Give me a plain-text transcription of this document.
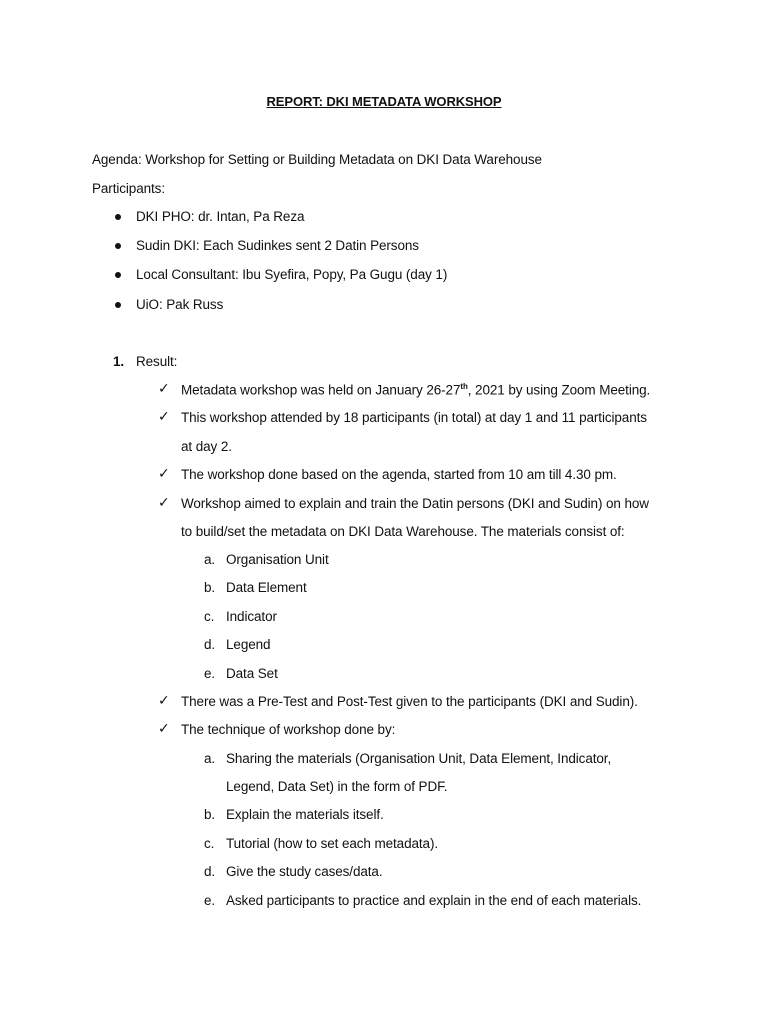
REPORT: DKI METADATA WORKSHOP
Agenda: Workshop for Setting or Building Metadata on DKI Data Warehouse
Participants:
DKI PHO: dr. Intan, Pa Reza
Sudin DKI: Each Sudinkes sent 2 Datin Persons
Local Consultant: Ibu Syefira, Popy, Pa Gugu (day 1)
UiO: Pak Russ
1. Result:
✓ Metadata workshop was held on January 26-27th, 2021 by using Zoom Meeting.
✓ This workshop attended by 18 participants (in total) at day 1 and 11 participants
at day 2.
✓ The workshop done based on the agenda, started from 10 am till 4.30 pm.
✓ Workshop aimed to explain and train the Datin persons (DKI and Sudin) on how
to build/set the metadata on DKI Data Warehouse. The materials consist of:
a. Organisation Unit
b. Data Element
c. Indicator
d. Legend
e. Data Set
✓ There was a Pre-Test and Post-Test given to the participants (DKI and Sudin).
✓ The technique of workshop done by:
a. Sharing the materials (Organisation Unit, Data Element, Indicator,
Legend, Data Set) in the form of PDF.
b. Explain the materials itself.
c. Tutorial (how to set each metadata).
d. Give the study cases/data.
e. Asked participants to practice and explain in the end of each materials.
